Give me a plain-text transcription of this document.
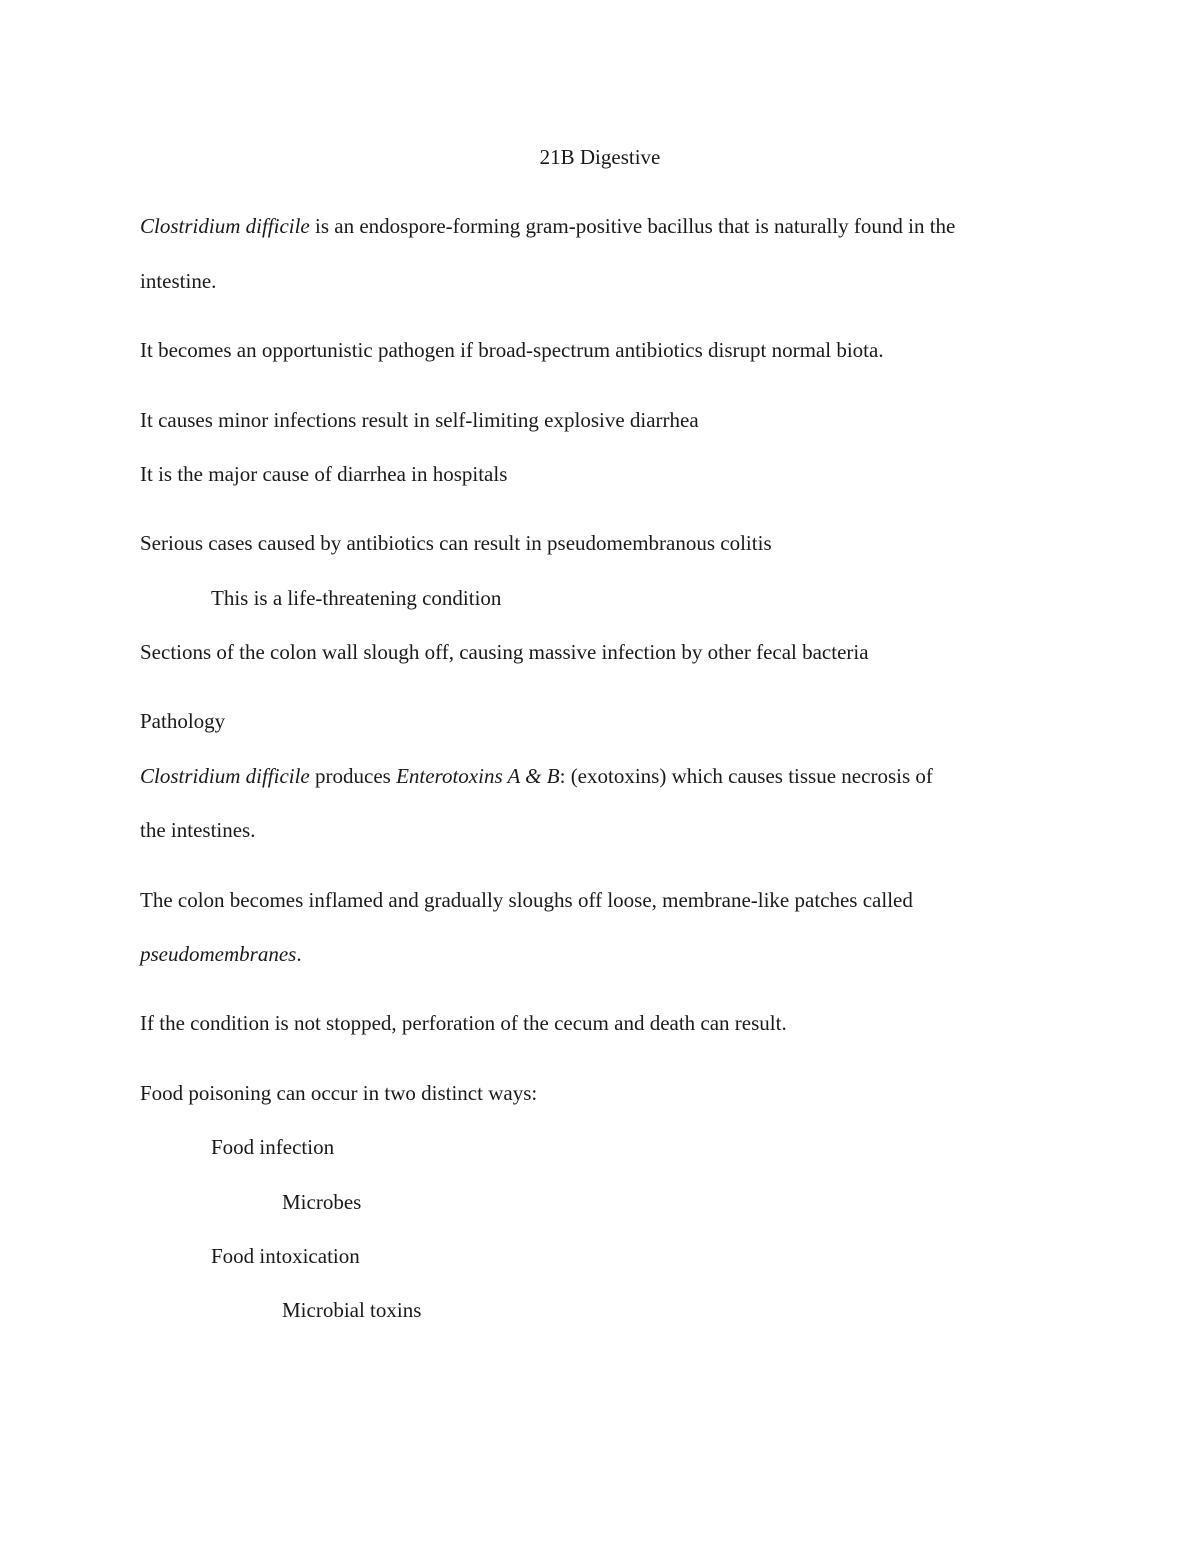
21B Digestive
Clostridium difficile is an endospore-forming gram-positive bacillus that is naturally found in the
intestine.
It becomes an opportunistic pathogen if broad-spectrum antibiotics disrupt normal biota.
It causes minor infections result in self-limiting explosive diarrhea
It is the major cause of diarrhea in hospitals
Serious cases caused by antibiotics can result in pseudomembranous colitis
This is a life-threatening condition
Sections of the colon wall slough off, causing massive infection by other fecal bacteria
Pathology
Clostridium difficile produces Enterotoxins A & B: (exotoxins) which causes tissue necrosis of
the intestines.
The colon becomes inflamed and gradually sloughs off loose, membrane-like patches called
pseudomembranes.
If the condition is not stopped, perforation of the cecum and death can result.
Food poisoning can occur in two distinct ways:
Food infection
Microbes
Food intoxication
Microbial toxins
